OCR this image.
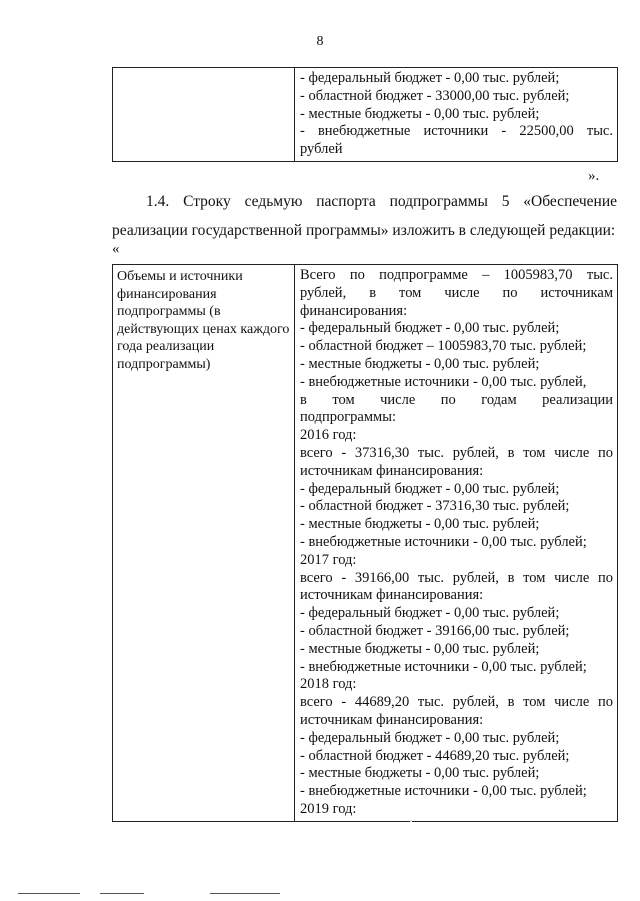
8

- федеральный бюджет - 0,00 тыс. рублей;
- областной бюджет - 33000,00 тыс. рублей;
- местные бюджеты - 0,00 тыс. рублей;
- внебюджетные источники - 22500,00 тыс.
рублей
».
1.4. Строку седьмую паспорта подпрограммы 5 «Обеспечение
реализации государственной программы» изложить в следующей редакции:
«
Объемы и источники финансирования подпрограммы (в действующих ценах каждого года реализации подпрограммы)

Всего по подпрограмме – 1005983,70 тыс.
рублей, в том числе по источникам
финансирования:
- федеральный бюджет - 0,00 тыс. рублей;
- областной бюджет – 1005983,70 тыс. рублей;
- местные бюджеты - 0,00 тыс. рублей;
- внебюджетные источники - 0,00 тыс. рублей,
в том числе по годам реализации
подпрограммы:
2016 год:
всего - 37316,30 тыс. рублей, в том числе по
источникам финансирования:
- федеральный бюджет - 0,00 тыс. рублей;
- областной бюджет - 37316,30 тыс. рублей;
- местные бюджеты - 0,00 тыс. рублей;
- внебюджетные источники - 0,00 тыс. рублей;
2017 год:
всего - 39166,00 тыс. рублей, в том числе по
источникам финансирования:
- федеральный бюджет - 0,00 тыс. рублей;
- областной бюджет - 39166,00 тыс. рублей;
- местные бюджеты - 0,00 тыс. рублей;
- внебюджетные источники - 0,00 тыс. рублей;
2018 год:
всего - 44689,20 тыс. рублей, в том числе по
источникам финансирования:
- федеральный бюджет - 0,00 тыс. рублей;
- областной бюджет - 44689,20 тыс. рублей;
- местные бюджеты - 0,00 тыс. рублей;
- внебюджетные источники - 0,00 тыс. рублей;
2019 год:
